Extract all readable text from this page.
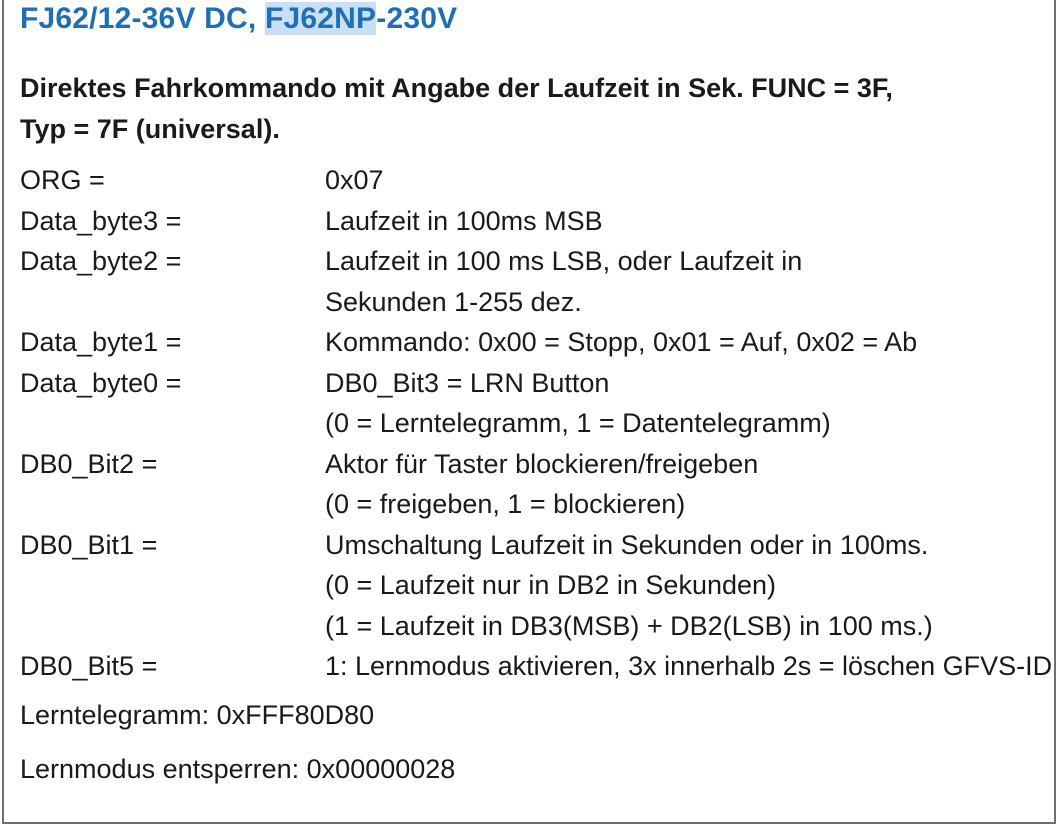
FJ62/12-36V DC, FJ62NP-230V
Direktes Fahrkommando mit Angabe der Laufzeit in Sek. FUNC = 3F,
Typ = 7F (universal).
ORG =	0x07
Data_byte3 =	Laufzeit in 100ms MSB
Data_byte2 =	Laufzeit in 100 ms LSB, oder Laufzeit in
Sekunden 1-255 dez.
Data_byte1 =	Kommando: 0x00 = Stopp, 0x01 = Auf, 0x02 = Ab
Data_byte0 =	DB0_Bit3 = LRN Button
(0 = Lerntelegramm, 1 = Datentelegramm)
DB0_Bit2 =	Aktor für Taster blockieren/freigeben
(0 = freigeben, 1 = blockieren)
DB0_Bit1 =	Umschaltung Laufzeit in Sekunden oder in 100ms.
(0 = Laufzeit nur in DB2 in Sekunden)
(1 = Laufzeit in DB3(MSB) + DB2(LSB) in 100 ms.)
DB0_Bit5 =	1: Lernmodus aktivieren, 3x innerhalb 2s = löschen GFVS-ID
Lerntelegramm: 0xFFF80D80
Lernmodus entsperren: 0x00000028
